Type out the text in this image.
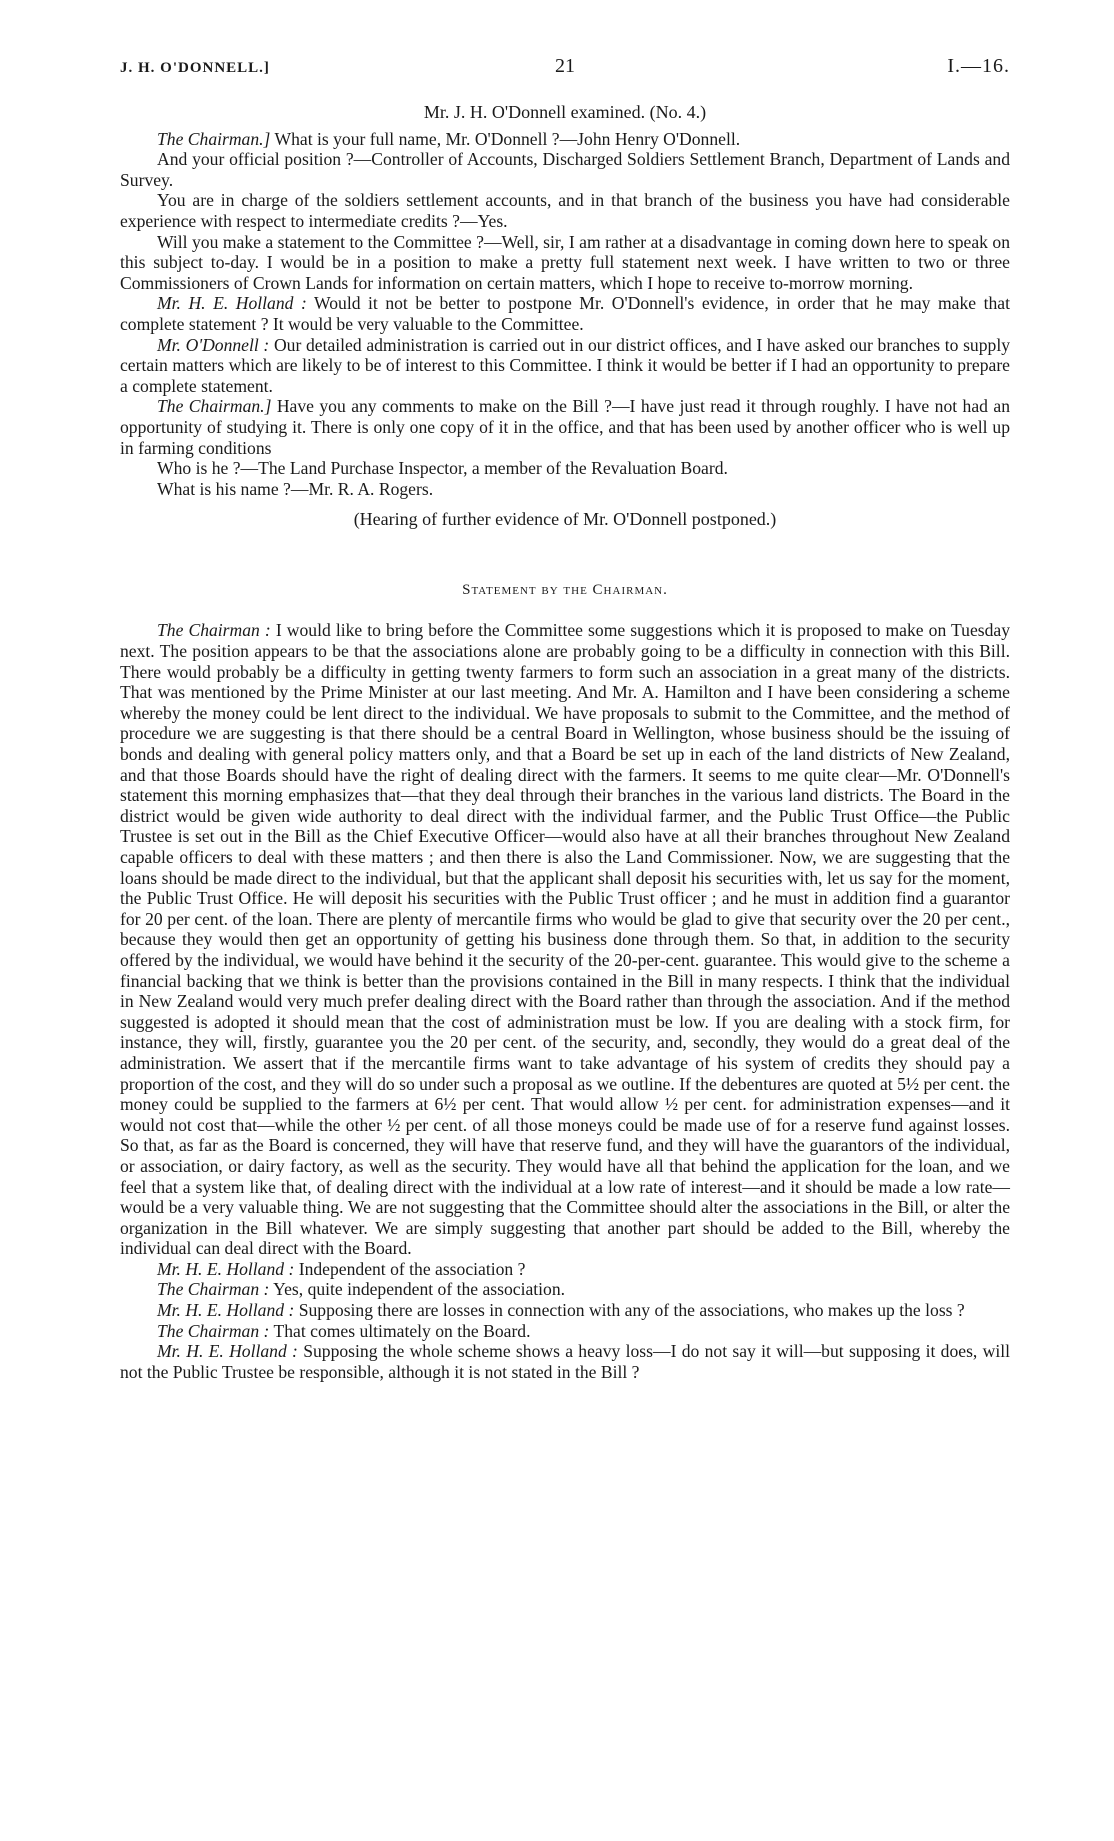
J. H. O'DONNELL.]	21	I.—16.
Mr. J. H. O'Donnell examined. (No. 4.)

The Chairman.] What is your full name, Mr. O'Donnell ?—John Henry O'Donnell.

And your official position ?—Controller of Accounts, Discharged Soldiers Settlement Branch, Department of Lands and Survey.

You are in charge of the soldiers settlement accounts, and in that branch of the business you have had considerable experience with respect to intermediate credits ?—Yes.

Will you make a statement to the Committee ?—Well, sir, I am rather at a disadvantage in coming down here to speak on this subject to-day. I would be in a position to make a pretty full statement next week. I have written to two or three Commissioners of Crown Lands for information on certain matters, which I hope to receive to-morrow morning.

Mr. H. E. Holland : Would it not be better to postpone Mr. O'Donnell's evidence, in order that he may make that complete statement ? It would be very valuable to the Committee.

Mr. O'Donnell : Our detailed administration is carried out in our district offices, and I have asked our branches to supply certain matters which are likely to be of interest to this Committee. I think it would be better if I had an opportunity to prepare a complete statement.

The Chairman.] Have you any comments to make on the Bill ?—I have just read it through roughly. I have not had an opportunity of studying it. There is only one copy of it in the office, and that has been used by another officer who is well up in farming conditions

Who is he ?—The Land Purchase Inspector, a member of the Revaluation Board.

What is his name ?—Mr. R. A. Rogers.

(Hearing of further evidence of Mr. O'Donnell postponed.)
Statement by the Chairman.

The Chairman : I would like to bring before the Committee some suggestions which it is proposed to make on Tuesday next. The position appears to be that the associations alone are probably going to be a difficulty in connection with this Bill. There would probably be a difficulty in getting twenty farmers to form such an association in a great many of the districts. That was mentioned by the Prime Minister at our last meeting. And Mr. A. Hamilton and I have been considering a scheme whereby the money could be lent direct to the individual. We have proposals to submit to the Committee, and the method of procedure we are suggesting is that there should be a central Board in Wellington, whose business should be the issuing of bonds and dealing with general policy matters only, and that a Board be set up in each of the land districts of New Zealand, and that those Boards should have the right of dealing direct with the farmers. It seems to me quite clear—Mr. O'Donnell's statement this morning emphasizes that—that they deal through their branches in the various land districts. The Board in the district would be given wide authority to deal direct with the individual farmer, and the Public Trust Office—the Public Trustee is set out in the Bill as the Chief Executive Officer—would also have at all their branches throughout New Zealand capable officers to deal with these matters ; and then there is also the Land Commissioner. Now, we are suggesting that the loans should be made direct to the individual, but that the applicant shall deposit his securities with, let us say for the moment, the Public Trust Office. He will deposit his securities with the Public Trust officer ; and he must in addition find a guarantor for 20 per cent. of the loan. There are plenty of mercantile firms who would be glad to give that security over the 20 per cent., because they would then get an opportunity of getting his business done through them. So that, in addition to the security offered by the individual, we would have behind it the security of the 20-per-cent. guarantee. This would give to the scheme a financial backing that we think is better than the provisions contained in the Bill in many respects. I think that the individual in New Zealand would very much prefer dealing direct with the Board rather than through the association. And if the method suggested is adopted it should mean that the cost of administration must be low. If you are dealing with a stock firm, for instance, they will, firstly, guarantee you the 20 per cent. of the security, and, secondly, they would do a great deal of the administration. We assert that if the mercantile firms want to take advantage of his system of credits they should pay a proportion of the cost, and they will do so under such a proposal as we outline. If the debentures are quoted at 5½ per cent. the money could be supplied to the farmers at 6½ per cent. That would allow ½ per cent. for administration expenses—and it would not cost that—while the other ½ per cent. of all those moneys could be made use of for a reserve fund against losses. So that, as far as the Board is concerned, they will have that reserve fund, and they will have the guarantors of the individual, or association, or dairy factory, as well as the security. They would have all that behind the application for the loan, and we feel that a system like that, of dealing direct with the individual at a low rate of interest—and it should be made a low rate—would be a very valuable thing. We are not suggesting that the Committee should alter the associations in the Bill, or alter the organization in the Bill whatever. We are simply suggesting that another part should be added to the Bill, whereby the individual can deal direct with the Board.

Mr. H. E. Holland : Independent of the association ?

The Chairman : Yes, quite independent of the association.

Mr. H. E. Holland : Supposing there are losses in connection with any of the associations, who makes up the loss ?

The Chairman : That comes ultimately on the Board.

Mr. H. E. Holland : Supposing the whole scheme shows a heavy loss—I do not say it will—but supposing it does, will not the Public Trustee be responsible, although it is not stated in the Bill ?
